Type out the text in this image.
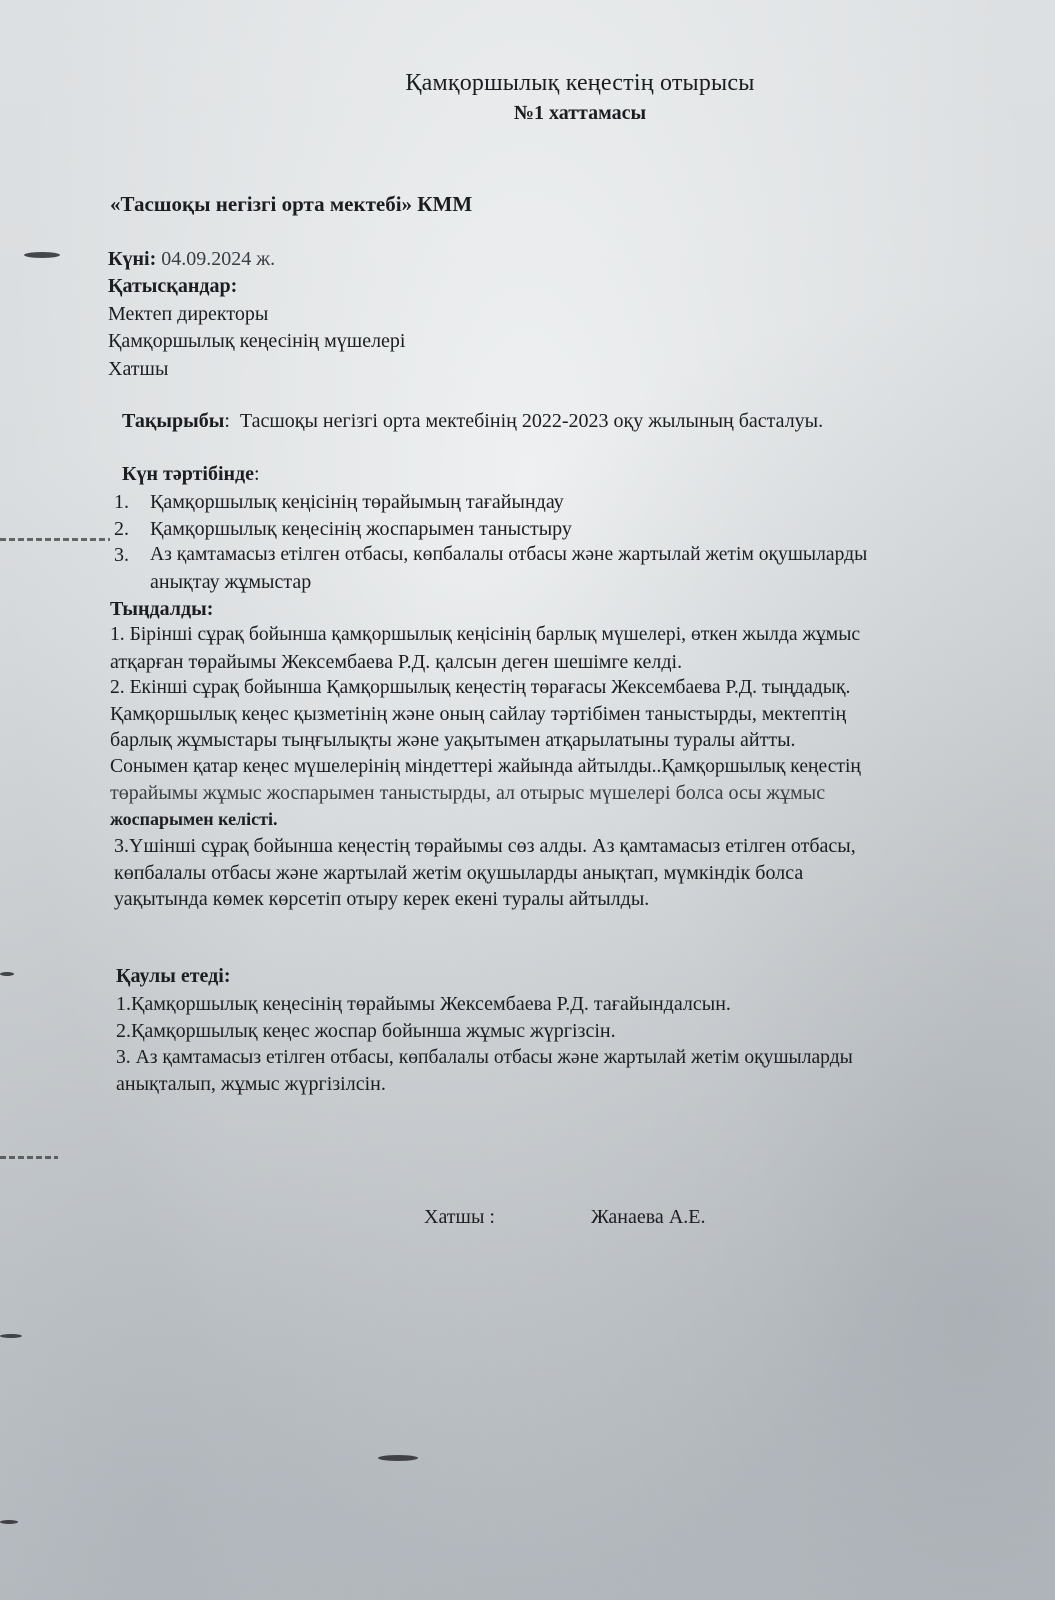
Қамқоршылық кеңестің отырысы
№1 хаттамасы
«Тасшоқы негізгі орта мектебі» КММ
Күні: 04.09.2024 ж.
Қатысқандар:
Мектеп директоры
Қамқоршылық кеңесінің мүшелері
Хатшы
Тақырыбы: Тасшоқы негізгі орта мектебінің 2022-2023 оқу жылының басталуы.
Күн тәртібінде:
1. Қамқоршылық кеңісінің төрайымың тағайындау
2. Қамқоршылық кеңесінің жоспарымен таныстыру
3. Аз қамтамасыз етілген отбасы, көпбалалы отбасы және жартылай жетім оқушыларды
анықтау жұмыстар
Тыңдалды:
1. Бірінші сұрақ бойынша қамқоршылық кеңісінің барлық мүшелері, өткен жылда жұмыс
атқарған төрайымы Жексембаева Р.Д. қалсын деген шешімге келді.
2. Екінші сұрақ бойынша Қамқоршылық кеңестің төрағасы Жексембаева Р.Д. тыңдадық.
Қамқоршылық кеңес қызметінің және оның сайлау тәртібімен таныстырды, мектептің
барлық жұмыстары тыңғылықты және уақытымен атқарылатыны туралы айтты.
Сонымен қатар кеңес мүшелерінің міндеттері жайында айтылды..Қамқоршылық кеңестің
төрайымы жұмыс жоспарымен таныстырды, ал отырыс мүшелері болса осы жұмыс
жоспарымен келісті.
3.Үшінші сұрақ бойынша кеңестің төрайымы сөз алды. Аз қамтамасыз етілген отбасы,
көпбалалы отбасы және жартылай жетім оқушыларды анықтап, мүмкіндік болса
уақытында көмек көрсетіп отыру керек екені туралы айтылды.
Қаулы етеді:
1.Қамқоршылық кеңесінің төрайымы Жексембаева Р.Д. тағайындалсын.
2.Қамқоршылық кеңес жоспар бойынша жұмыс жүргізсін.
3. Аз қамтамасыз етілген отбасы, көпбалалы отбасы және жартылай жетім оқушыларды
анықталып, жұмыс жүргізілсін.
Хатшы :	Жанаева А.Е.
